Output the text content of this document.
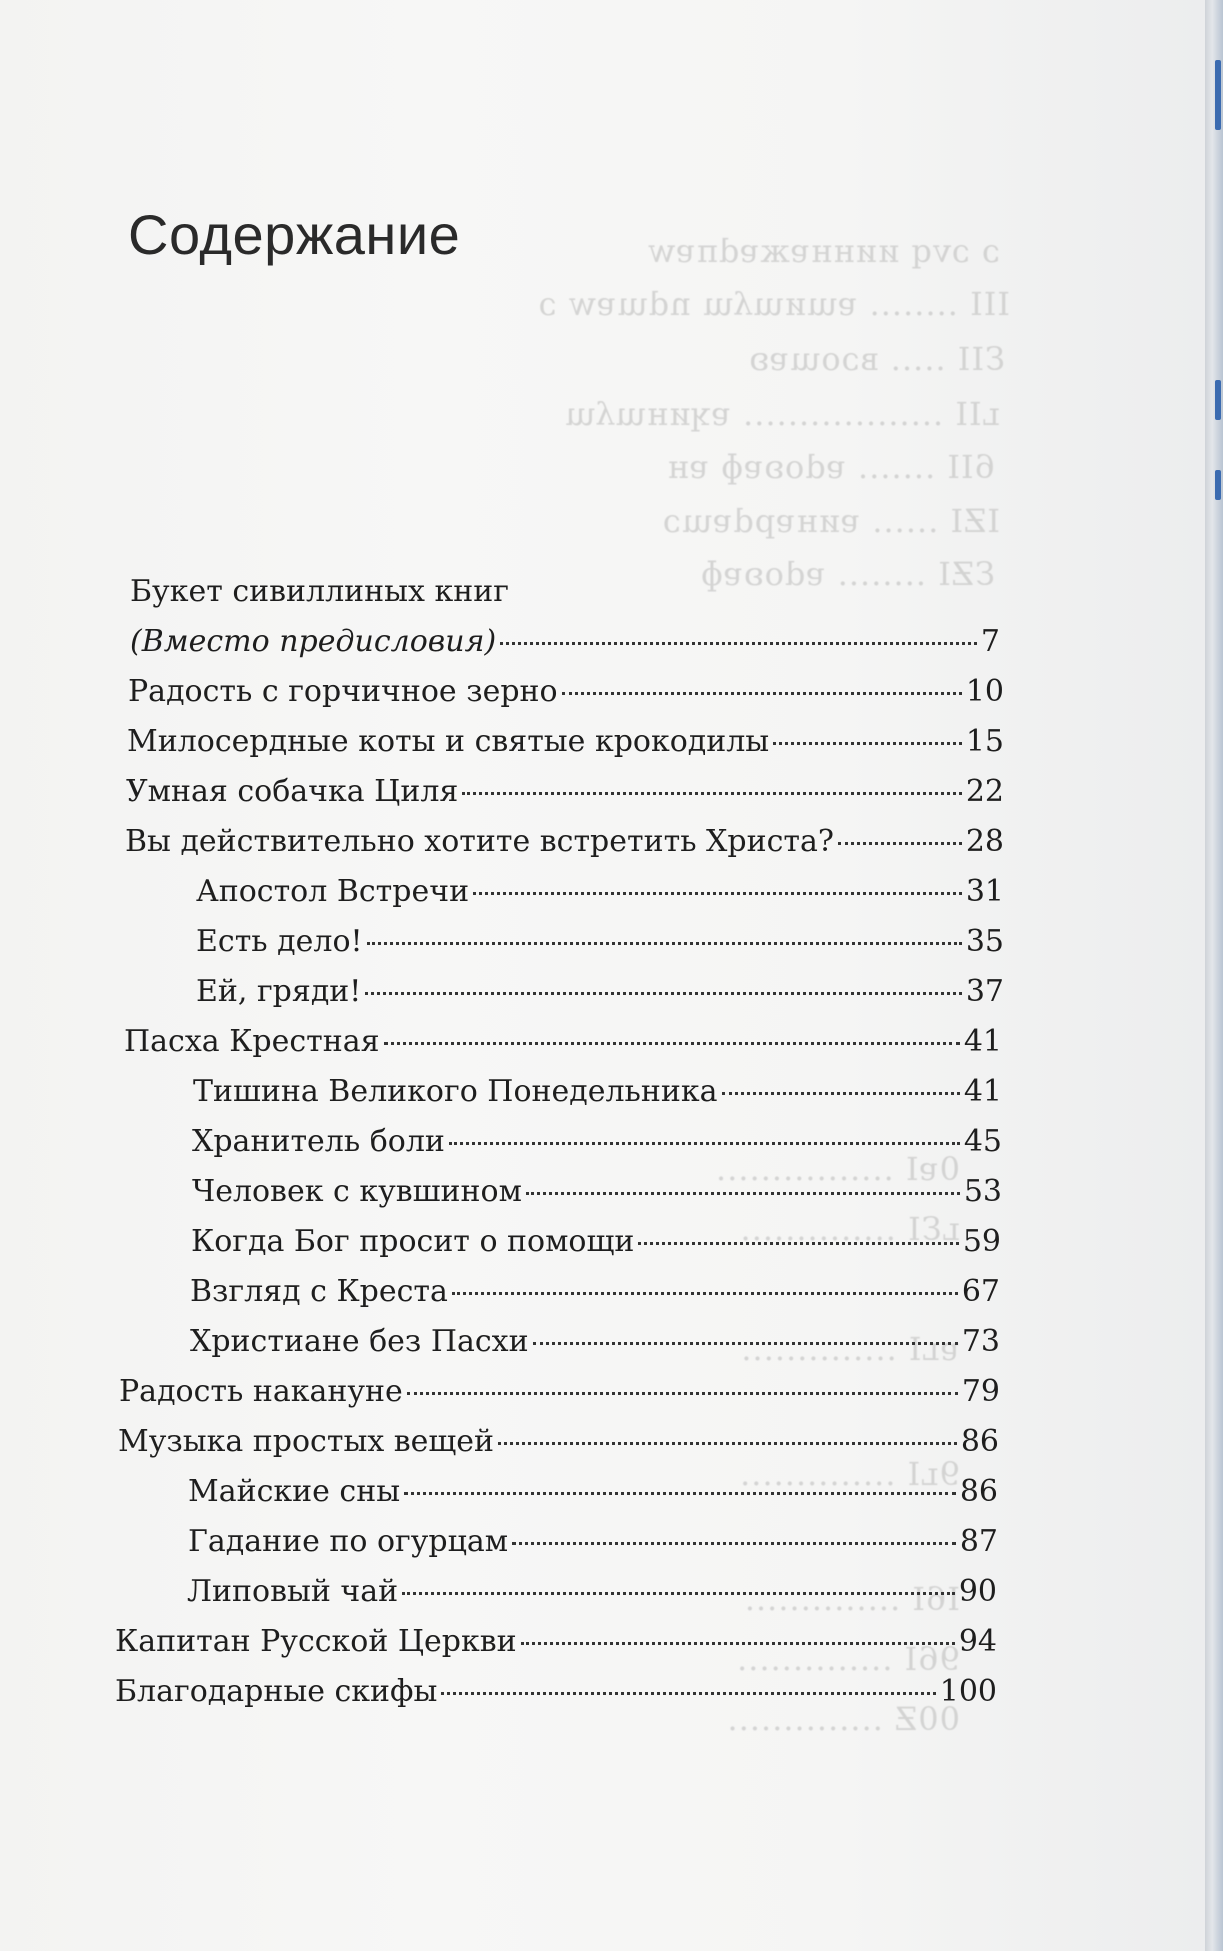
ɔ ɔvq ииннɐжɐdпɐw
III ........ ɐɯиɯʎɯ ndɯɐw ɔ
ƐII ..... вɔоɯɐʚ
ʟII .................. ɐʞинɯʎɯ
6II ....... ɐdоʚɐɸ ɐн
IƵI ...... ɐинɐpdɐɯɔ
ƐƵI ........ ɐdоʚɐɸ
0ɐI ................
ʟƐI ..............
ɐʟI ..............
9ʟI ..............
I6I ..............
96I ..............
00Ƶ ..............
Содержание
Букет сивиллиных книг
(Вместо предисловия)	7
Радость с горчичное зерно	10
Милосердные коты и святые крокодилы	15
Умная собачка Циля	22
Вы действительно хотите встретить Христа?	28
Апостол Встречи	31
Есть дело!	35
Ей, гряди!	37
Пасха Крестная	41
Тишина Великого Понедельника	41
Хранитель боли	45
Человек с кувшином	53
Когда Бог просит о помощи	59
Взгляд с Креста	67
Христиане без Пасхи	73
Радость накануне	79
Музыка простых вещей	86
Майские сны	86
Гадание по огурцам	87
Липовый чай	90
Капитан Русской Церкви	94
Благодарные скифы	100
